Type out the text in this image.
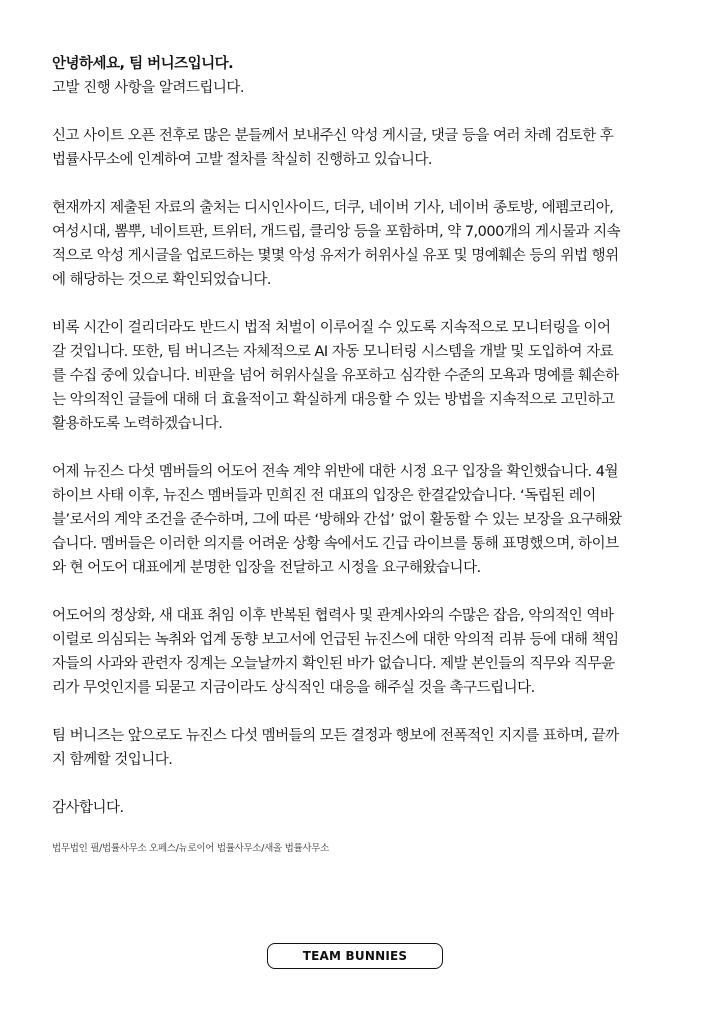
안녕하세요, 팀 버니즈입니다.
고발 진행 사항을 알려드립니다.
신고 사이트 오픈 전후로 많은 분들께서 보내주신 악성 게시글, 댓글 등을 여러 차례 검토한 후
법률사무소에 인계하여 고발 절차를 착실히 진행하고 있습니다.
현재까지 제출된 자료의 출처는 디시인사이드, 더쿠, 네이버 기사, 네이버 종토방, 에펨코리아,
여성시대, 뽐뿌, 네이트판, 트위터, 개드립, 클리앙 등을 포함하며, 약 7,000개의 게시물과 지속
적으로 악성 게시글을 업로드하는 몇몇 악성 유저가 허위사실 유포 및 명예훼손 등의 위법 행위
에 해당하는 것으로 확인되었습니다.
비록 시간이 걸리더라도 반드시 법적 처벌이 이루어질 수 있도록 지속적으로 모니터링을 이어
갈 것입니다. 또한, 팀 버니즈는 자체적으로 AI 자동 모니터링 시스템을 개발 및 도입하여 자료
를 수집 중에 있습니다. 비판을 넘어 허위사실을 유포하고 심각한 수준의 모욕과 명예를 훼손하
는 악의적인 글들에 대해 더 효율적이고 확실하게 대응할 수 있는 방법을 지속적으로 고민하고
활용하도록 노력하겠습니다.
어제 뉴진스 다섯 멤버들의 어도어 전속 계약 위반에 대한 시정 요구 입장을 확인했습니다. 4월
하이브 사태 이후, 뉴진스 멤버들과 민희진 전 대표의 입장은 한결같았습니다. ‘독립된 레이
블’로서의 계약 조건을 준수하며, 그에 따른 ‘방해와 간섭’ 없이 활동할 수 있는 보장을 요구해왔
습니다. 멤버들은 이러한 의지를 어려운 상황 속에서도 긴급 라이브를 통해 표명했으며, 하이브
와 현 어도어 대표에게 분명한 입장을 전달하고 시정을 요구해왔습니다.
어도어의 정상화, 새 대표 취임 이후 반복된 협력사 및 관계사와의 수많은 잡음, 악의적인 역바
이럴로 의심되는 녹취와 업계 동향 보고서에 언급된 뉴진스에 대한 악의적 리뷰 등에 대해 책임
자들의 사과와 관련자 징계는 오늘날까지 확인된 바가 없습니다. 제발 본인들의 직무와 직무윤
리가 무엇인지를 되묻고 지금이라도 상식적인 대응을 해주실 것을 촉구드립니다.
팀 버니즈는 앞으로도 뉴진스 다섯 멤버들의 모든 결정과 행보에 전폭적인 지지를 표하며, 끝까
지 함께할 것입니다.
감사합니다.
법무법인 필/법률사무소 오페스/뉴로이어 법률사무소/새올 법률사무소
TEAM BUNNIES
